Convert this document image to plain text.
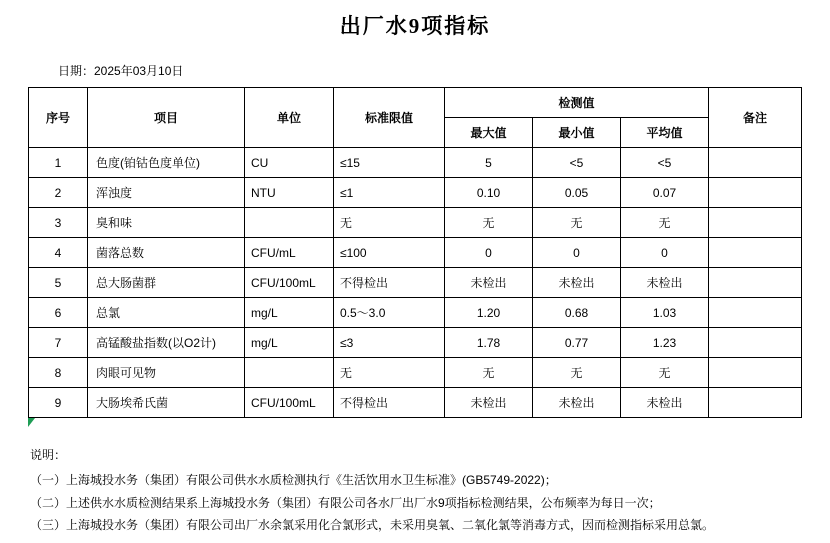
出厂水9项指标
日期：2025年03月10日
序号	项目	单位	标准限值	检测值			备注
				最大值	最小值	平均值	
1	色度(铂钴色度单位)	CU	≤15	5	<5	<5	
2	浑浊度	NTU	≤1	0.10	0.05	0.07	
3	臭和味		无	无	无	无	
4	菌落总数	CFU/mL	≤100	0	0	0	
5	总大肠菌群	CFU/100mL	不得检出	未检出	未检出	未检出	
6	总氯	mg/L	0.5～3.0	1.20	0.68	1.03	
7	高锰酸盐指数(以O2计)	mg/L	≤3	1.78	0.77	1.23	
8	肉眼可见物		无	无	无	无	
9	大肠埃希氏菌	CFU/100mL	不得检出	未检出	未检出	未检出	
说明：
（一）上海城投水务（集团）有限公司供水水质检测执行《生活饮用水卫生标准》(GB5749-2022)；
（二）上述供水水质检测结果系上海城投水务（集团）有限公司各水厂出厂水9项指标检测结果，公布频率为每日一次；
（三）上海城投水务（集团）有限公司出厂水余氯采用化合氯形式，未采用臭氧、二氧化氯等消毒方式，因而检测指标采用总氯。
